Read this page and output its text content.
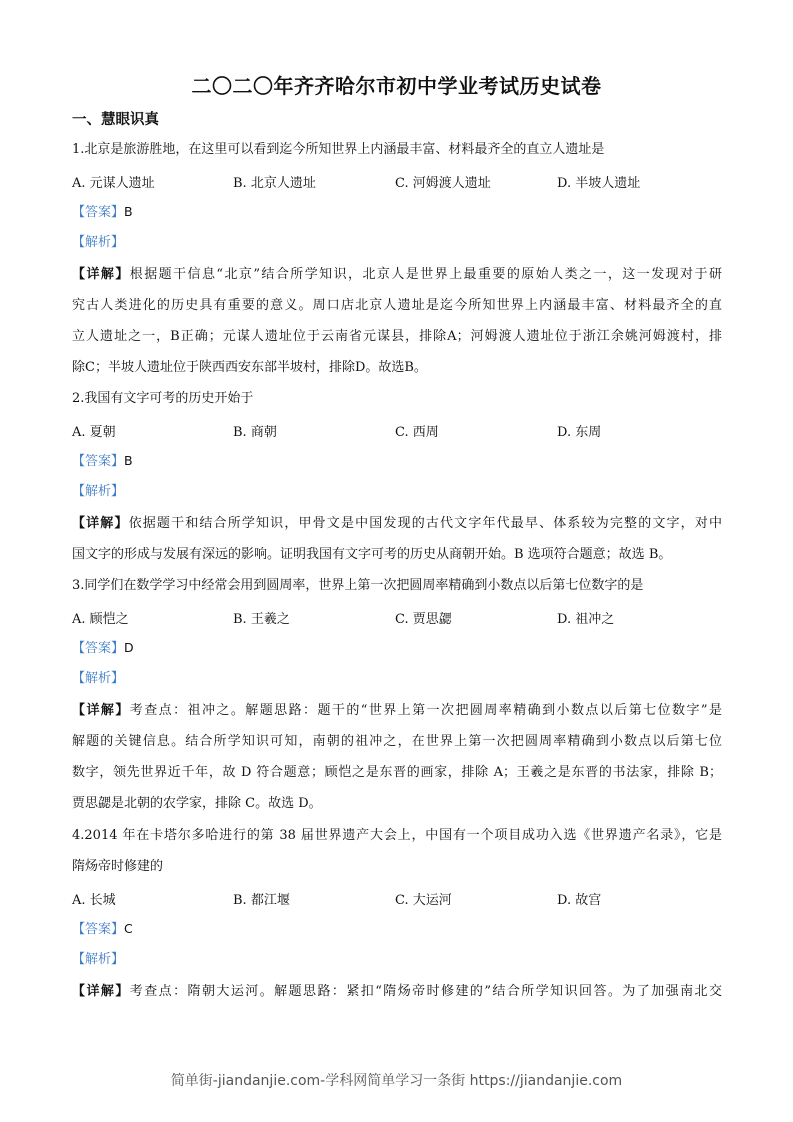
二〇二〇年齐齐哈尔市初中学业考试历史试卷
一、慧眼识真
1.北京是旅游胜地，在这里可以看到迄今所知世界上内涵最丰富、材料最齐全的直立人遗址是
A. 元谋人遗址	B. 北京人遗址	C. 河姆渡人遗址	D. 半坡人遗址
【答案】B
【解析】
【详解】根据题干信息“北京”结合所学知识，北京人是世界上最重要的原始人类之一，这一发现对于研
究古人类进化的历史具有重要的意义。周口店北京人遗址是迄今所知世界上内涵最丰富、材料最齐全的直
立人遗址之一，B正确；元谋人遗址位于云南省元谋县，排除A；河姆渡人遗址位于浙江余姚河姆渡村，排
除C；半坡人遗址位于陕西西安东部半坡村，排除D。故选B。
2.我国有文字可考的历史开始于
A. 夏朝	B. 商朝	C. 西周	D. 东周
【答案】B
【解析】
【详解】依据题干和结合所学知识，甲骨文是中国发现的古代文字年代最早、体系较为完整的文字，对中
国文字的形成与发展有深远的影响。证明我国有文字可考的历史从商朝开始。B 选项符合题意；故选 B。
3.同学们在数学学习中经常会用到圆周率，世界上第一次把圆周率精确到小数点以后第七位数字的是
A. 顾恺之	B. 王羲之	C. 贾思勰	D. 祖冲之
【答案】D
【解析】
【详解】考查点：祖冲之。解题思路：题干的“世界上第一次把圆周率精确到小数点以后第七位数字”是
解题的关键信息。结合所学知识可知，南朝的祖冲之，在世界上第一次把圆周率精确到小数点以后第七位
数字，领先世界近千年，故 D 符合题意；顾恺之是东晋的画家，排除 A；王羲之是东晋的书法家，排除 B；
贾思勰是北朝的农学家，排除 C。故选 D。
4.2014 年在卡塔尔多哈进行的第 38 届世界遗产大会上，中国有一个项目成功入选《世界遗产名录》，它是
隋炀帝时修建的
A. 长城	B. 都江堰	C. 大运河	D. 故宫
【答案】C
【解析】
【详解】考查点：隋朝大运河。解题思路：紧扣“隋炀帝时修建的”结合所学知识回答。为了加强南北交
简单街-jiandanjie.com-学科网简单学习一条街 https://jiandanjie.com
